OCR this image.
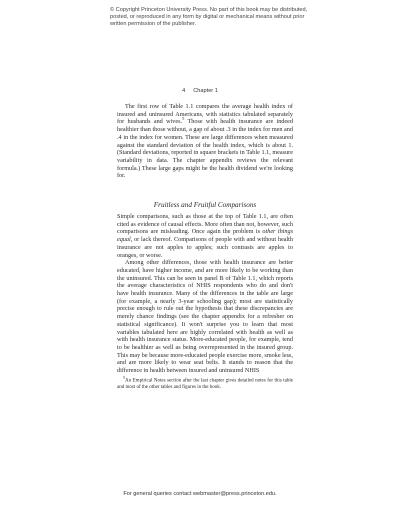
© Copyright Princeton University Press. No part of this book may be distributed, posted, or reproduced in any form by digital or mechanical means without prior written permission of the publisher.
4 Chapter 1

The first row of Table 1.1 compares the average health index of insured and uninsured Americans, with statistics tabulated separately for husbands and wives.$^5$ Those with health insurance are indeed healthier than those without, a gap of about .3 in the index for men and .4 in the index for women. These are large differences when measured against the standard deviation of the health index, which is about 1. (Standard deviations, reported in square brackets in Table 1.1, measure variability in data. The chapter appendix reviews the relevant formula.) These large gaps might be the health dividend we're looking for.

Fruitless and Fruitful Comparisons

Simple comparisons, such as those at the top of Table 1.1, are often cited as evidence of causal effects. More often than not, however, such comparisons are misleading. Once again the problem is other things equal, or lack thereof. Comparisons of people with and without health insurance are not apples to apples; such contrasts are apples to oranges, or worse.

Among other differences, those with health insurance are better educated, have higher income, and are more likely to be working than the uninsured. This can be seen in panel B of Table 1.1, which reports the average characteristics of NHIS respondents who do and don't have health insurance. Many of the differences in the table are large (for example, a nearly 3-year schooling gap); most are statistically precise enough to rule out the hypothesis that these discrepancies are merely chance findings (see the chapter appendix for a refresher on statistical significance). It won't surprise you to learn that most variables tabulated here are highly correlated with health as well as with health insurance status. More-educated people, for example, tend to be healthier as well as being overrepresented in the insured group. This may be because more-educated people exercise more, smoke less, and are more likely to wear seat belts. It stands to reason that the difference in health between insured and uninsured NHIS

$^5$An Empirical Notes section after the last chapter gives detailed notes for this table and most of the other tables and figures in the book.
For general queries contact webmaster@press.princeton.edu.
